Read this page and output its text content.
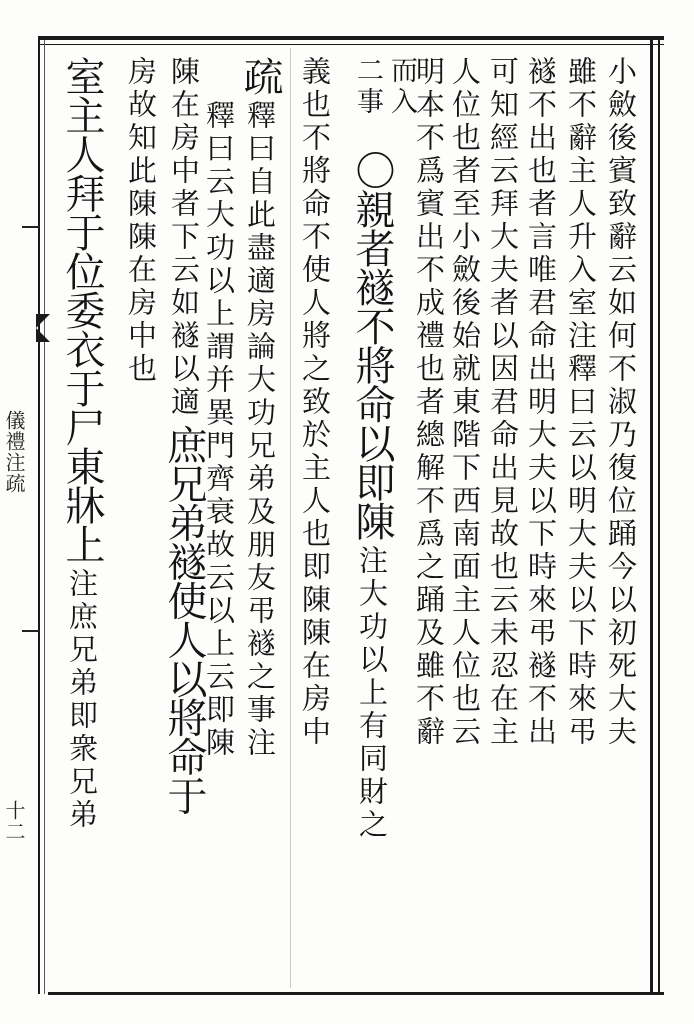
儀禮注疏
十二
小斂後賓致辭云如何不淑乃復位踊今以初死大夫
雖不辭主人升入室注釋曰云以明大夫以下時來弔
襚不出也者言唯君命出明大夫以下時來弔襚不出
可知經云拜大夫者以因君命出見故也云未忍在主
人位也者至小斂後始就東階下西南面主人位也云
明本不爲賓出不成禮也者總解不爲之踊及雖不辭
而入
二事
〇親者襚不將命以即陳 注大功以上有同財之
義也不將命不使人將之致於主人也即陳陳在房中
疏 釋曰自此盡適房論大功兄弟及朋友弔襚之事注
釋曰云大功以上謂并異門齊衰故云以上云即陳
陳在房中者下云如襚以適 庶兄弟襚使人以將命于
房故知此陳陳在房中也
室主人拜于位委衣于尸東牀上 注庶兄弟即衆兄弟
